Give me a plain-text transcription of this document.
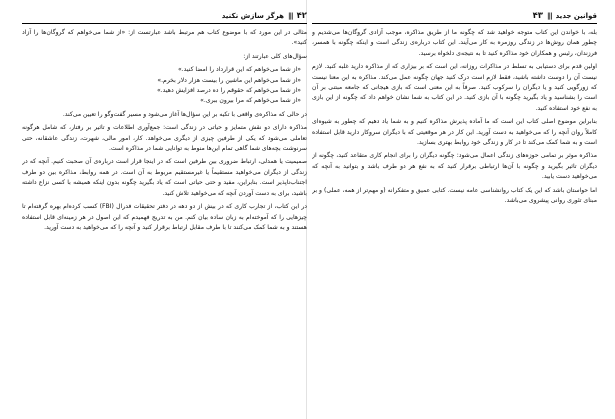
قوانین جدید
|||
۴۳

بله، با خواندن این کتاب متوجه خواهید شد که چگونه ما از طریق مذاکره، موجب آزادی گروگان‌ها می‌شدیم و چطور همان روش‌ها در زندگی روزمره به کار می‌آیند. این کتاب درباره‌ی زندگی است و اینکه چگونه با همسر، فرزندان، رئیس و همکاران خود مذاکره کنید تا به نتیجه‌ی دلخواه برسید.

اولین قدم برای دستیابی به تسلط در مذاکرات روزانه، این است که بر بیزاری که از مذاکره دارید غلبه کنید. لازم نیست آن را دوست داشته باشید، فقط لازم است درک کنید جهان چگونه عمل می‌کند. مذاکره به این معنا نیست که زورگویی کنید و یا دیگران را سرکوب کنید. صرفاً به این معنی است که بازی هیجانی که جامعه مبتنی بر آن است را بشناسید و یاد بگیرید چگونه با آن بازی کنید. در این کتاب به شما نشان خواهم داد که چگونه از این بازی به نفع خود استفاده کنید.

بنابراین موضوع اصلی کتاب این است که ما آماده پذیرش مذاکره کنیم و به شما یاد دهیم که چطور به شیوه‌ای کاملاً روان آنچه را که می‌خواهید به دست آورید. این کار در هر موقعیتی که با دیگران سروکار دارید قابل استفاده است و به شما کمک می‌کند تا در کار و زندگی خود روابط بهتری بسازید.

مذاکره موثر بر تمامی حوزه‌های زندگی اعمال می‌شود: چگونه دیگران را برای انجام کاری متقاعد کنید، چگونه از دیگران تاثیر بگیرید و چگونه با آن‌ها ارتباطی برقرار کنید که به نفع هر دو طرف باشد و بتوانید به آنچه که می‌خواهید دست یابید.

اما حواستان باشد که این یک کتاب روانشناسی عامه نیست. کتابی عمیق و متفکرانه (و مهم‌تر از همه، عملی) و بر مبنای تئوری روانی پیشروی می‌باشد.

۴۲
|||
هرگز سازش نکنید

مثالی در این مورد که با موضوع کتاب هم مرتبط باشد عبارتست از: «از شما می‌خواهم که گروگان‌ها را آزاد کنید».

سؤال‌های کلی عبارتند از:

« از شما می‌خواهم که این قرارداد را امضا کنید. »
« از شما می‌خواهم این ماشین را بیست هزار دلار بخرم. »
« از شما می‌خواهم که حقوقم را ده درصد افزایش دهید. »
« از شما می‌خواهم که مرا بیرون ببری. »

در حالی که مذاکره‌ی واقعی با تکیه بر این سؤال‌ها آغاز می‌شود و مسیر گفت‌وگو را تعیین می‌کند.

مذاکره دارای دو نقش متمایز و حیاتی در زندگی است: جمع‌آوری اطلاعات و تاثیر بر رفتار، که شامل هرگونه تعاملی می‌شود که یکی از طرفین چیزی از دیگری می‌خواهد. کار، امور مالی، شهرت، زندگی عاشقانه، حتی سرنوشت بچه‌های شما گاهی تمام این‌ها منوط به توانایی شما در مذاکره است.

صمیمیت یا همدلی، ارتباط ضروری بین طرفین است که در اینجا قرار است درباره‌ی آن صحبت کنیم. آنچه که در زندگی از دیگران می‌خواهید مستقیماً یا غیرمستقیم مربوط به آن است. در همه روابط، مذاکره بین دو طرف اجتناب‌ناپذیر است. بنابراین، مفید و حتی حیاتی است که یاد بگیرید چگونه بدون اینکه همیشه با کسی نزاع داشته باشید، برای به دست آوردن آنچه که می‌خواهید تلاش کنید.

در این کتاب، از تجارب کاری که در بیش از دو دهه در دفتر تحقیقات فدرال (FBI) کسب کرده‌ام بهره گرفته‌ام تا چیزهایی را که آموخته‌ام به زبان ساده بیان کنم. من به تدریج فهمیدم که این اصول در هر زمینه‌ای قابل استفاده هستند و به شما کمک می‌کنند تا با طرف مقابل ارتباط برقرار کنید و آنچه را که می‌خواهید به دست آورید.
